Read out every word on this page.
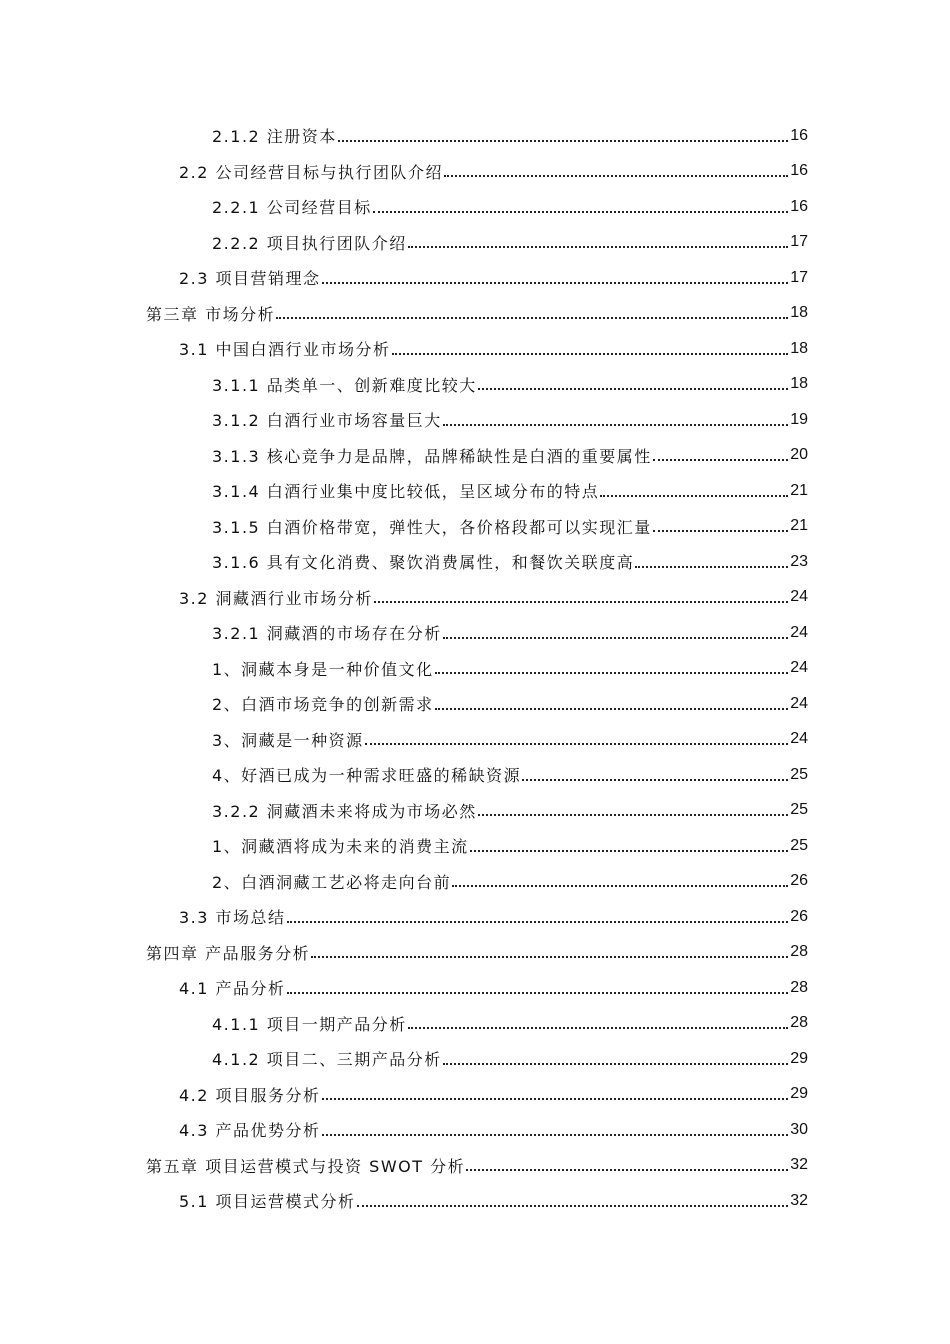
2.1.2 注册资本	16
2.2 公司经营目标与执行团队介绍	16
2.2.1 公司经营目标	16
2.2.2 项目执行团队介绍	17
2.3 项目营销理念	17
第三章 市场分析	18
3.1 中国白酒行业市场分析	18
3.1.1 品类单一、创新难度比较大	18
3.1.2 白酒行业市场容量巨大	19
3.1.3 核心竞争力是品牌，品牌稀缺性是白酒的重要属性	20
3.1.4 白酒行业集中度比较低，呈区域分布的特点	21
3.1.5 白酒价格带宽，弹性大，各价格段都可以实现汇量	21
3.1.6 具有文化消费、聚饮消费属性，和餐饮关联度高	23
3.2 洞藏酒行业市场分析	24
3.2.1 洞藏酒的市场存在分析	24
1、洞藏本身是一种价值文化	24
2、白酒市场竞争的创新需求	24
3、洞藏是一种资源	24
4、好酒已成为一种需求旺盛的稀缺资源	25
3.2.2 洞藏酒未来将成为市场必然	25
1、洞藏酒将成为未来的消费主流	25
2、白酒洞藏工艺必将走向台前	26
3.3 市场总结	26
第四章 产品服务分析	28
4.1 产品分析	28
4.1.1 项目一期产品分析	28
4.1.2 项目二、三期产品分析	29
4.2 项目服务分析	29
4.3 产品优势分析	30
第五章 项目运营模式与投资 SWOT 分析	32
5.1 项目运营模式分析	32
